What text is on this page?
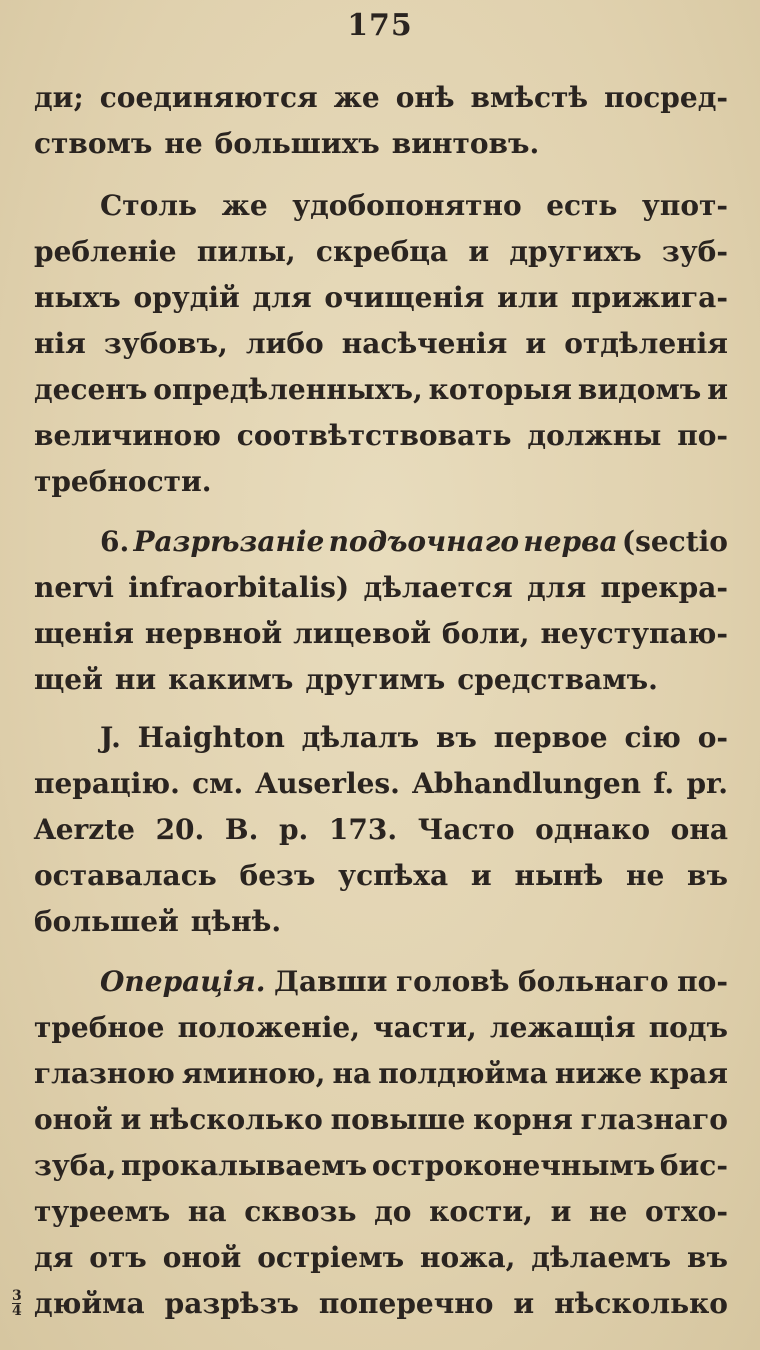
175
ди; соединяются же онѣ вмѣстѣ посред-
ствомъ не большихъ винтовъ.
Столь же удобопонятно есть упот-
ребленіе пилы, скребца и другихъ зуб-
ныхъ орудій для очищенія или прижига-
нія зубовъ, либо насѣченія и отдѣленія
десенъ опредѣленныхъ, которыя видомъ и
величиною соотвѣтствовать должны по-
требности.
6. Разрѣзаніе подъочнаго нерва (sectio
nervi infraorbitalis) дѣлается для прекра-
щенія нервной лицевой боли, неуступаю-
щей ни какимъ другимъ средствамъ.
J. Haighton дѣлалъ въ первое сію о-
перацію. см. Auserles. Abhandlungen f. pr.
Aerzte 20. B. p. 173. Часто однако она
оставалась безъ успѣха и нынѣ не въ
большей цѣнѣ.
Операція. Давши головѣ больнаго по-
требное положеніе, части, лежащія подъ
глазною яминою, на полдюйма ниже края
оной и нѣсколько повыше корня глазнаго
зуба, прокалываемъ остроконечнымъ бис-
туреемъ на сквозь до кости, и не отхо-
дя отъ оной остріемъ ножа, дѣлаемъ въ
дюйма разрѣзъ поперечно и нѣсколько
3
4
